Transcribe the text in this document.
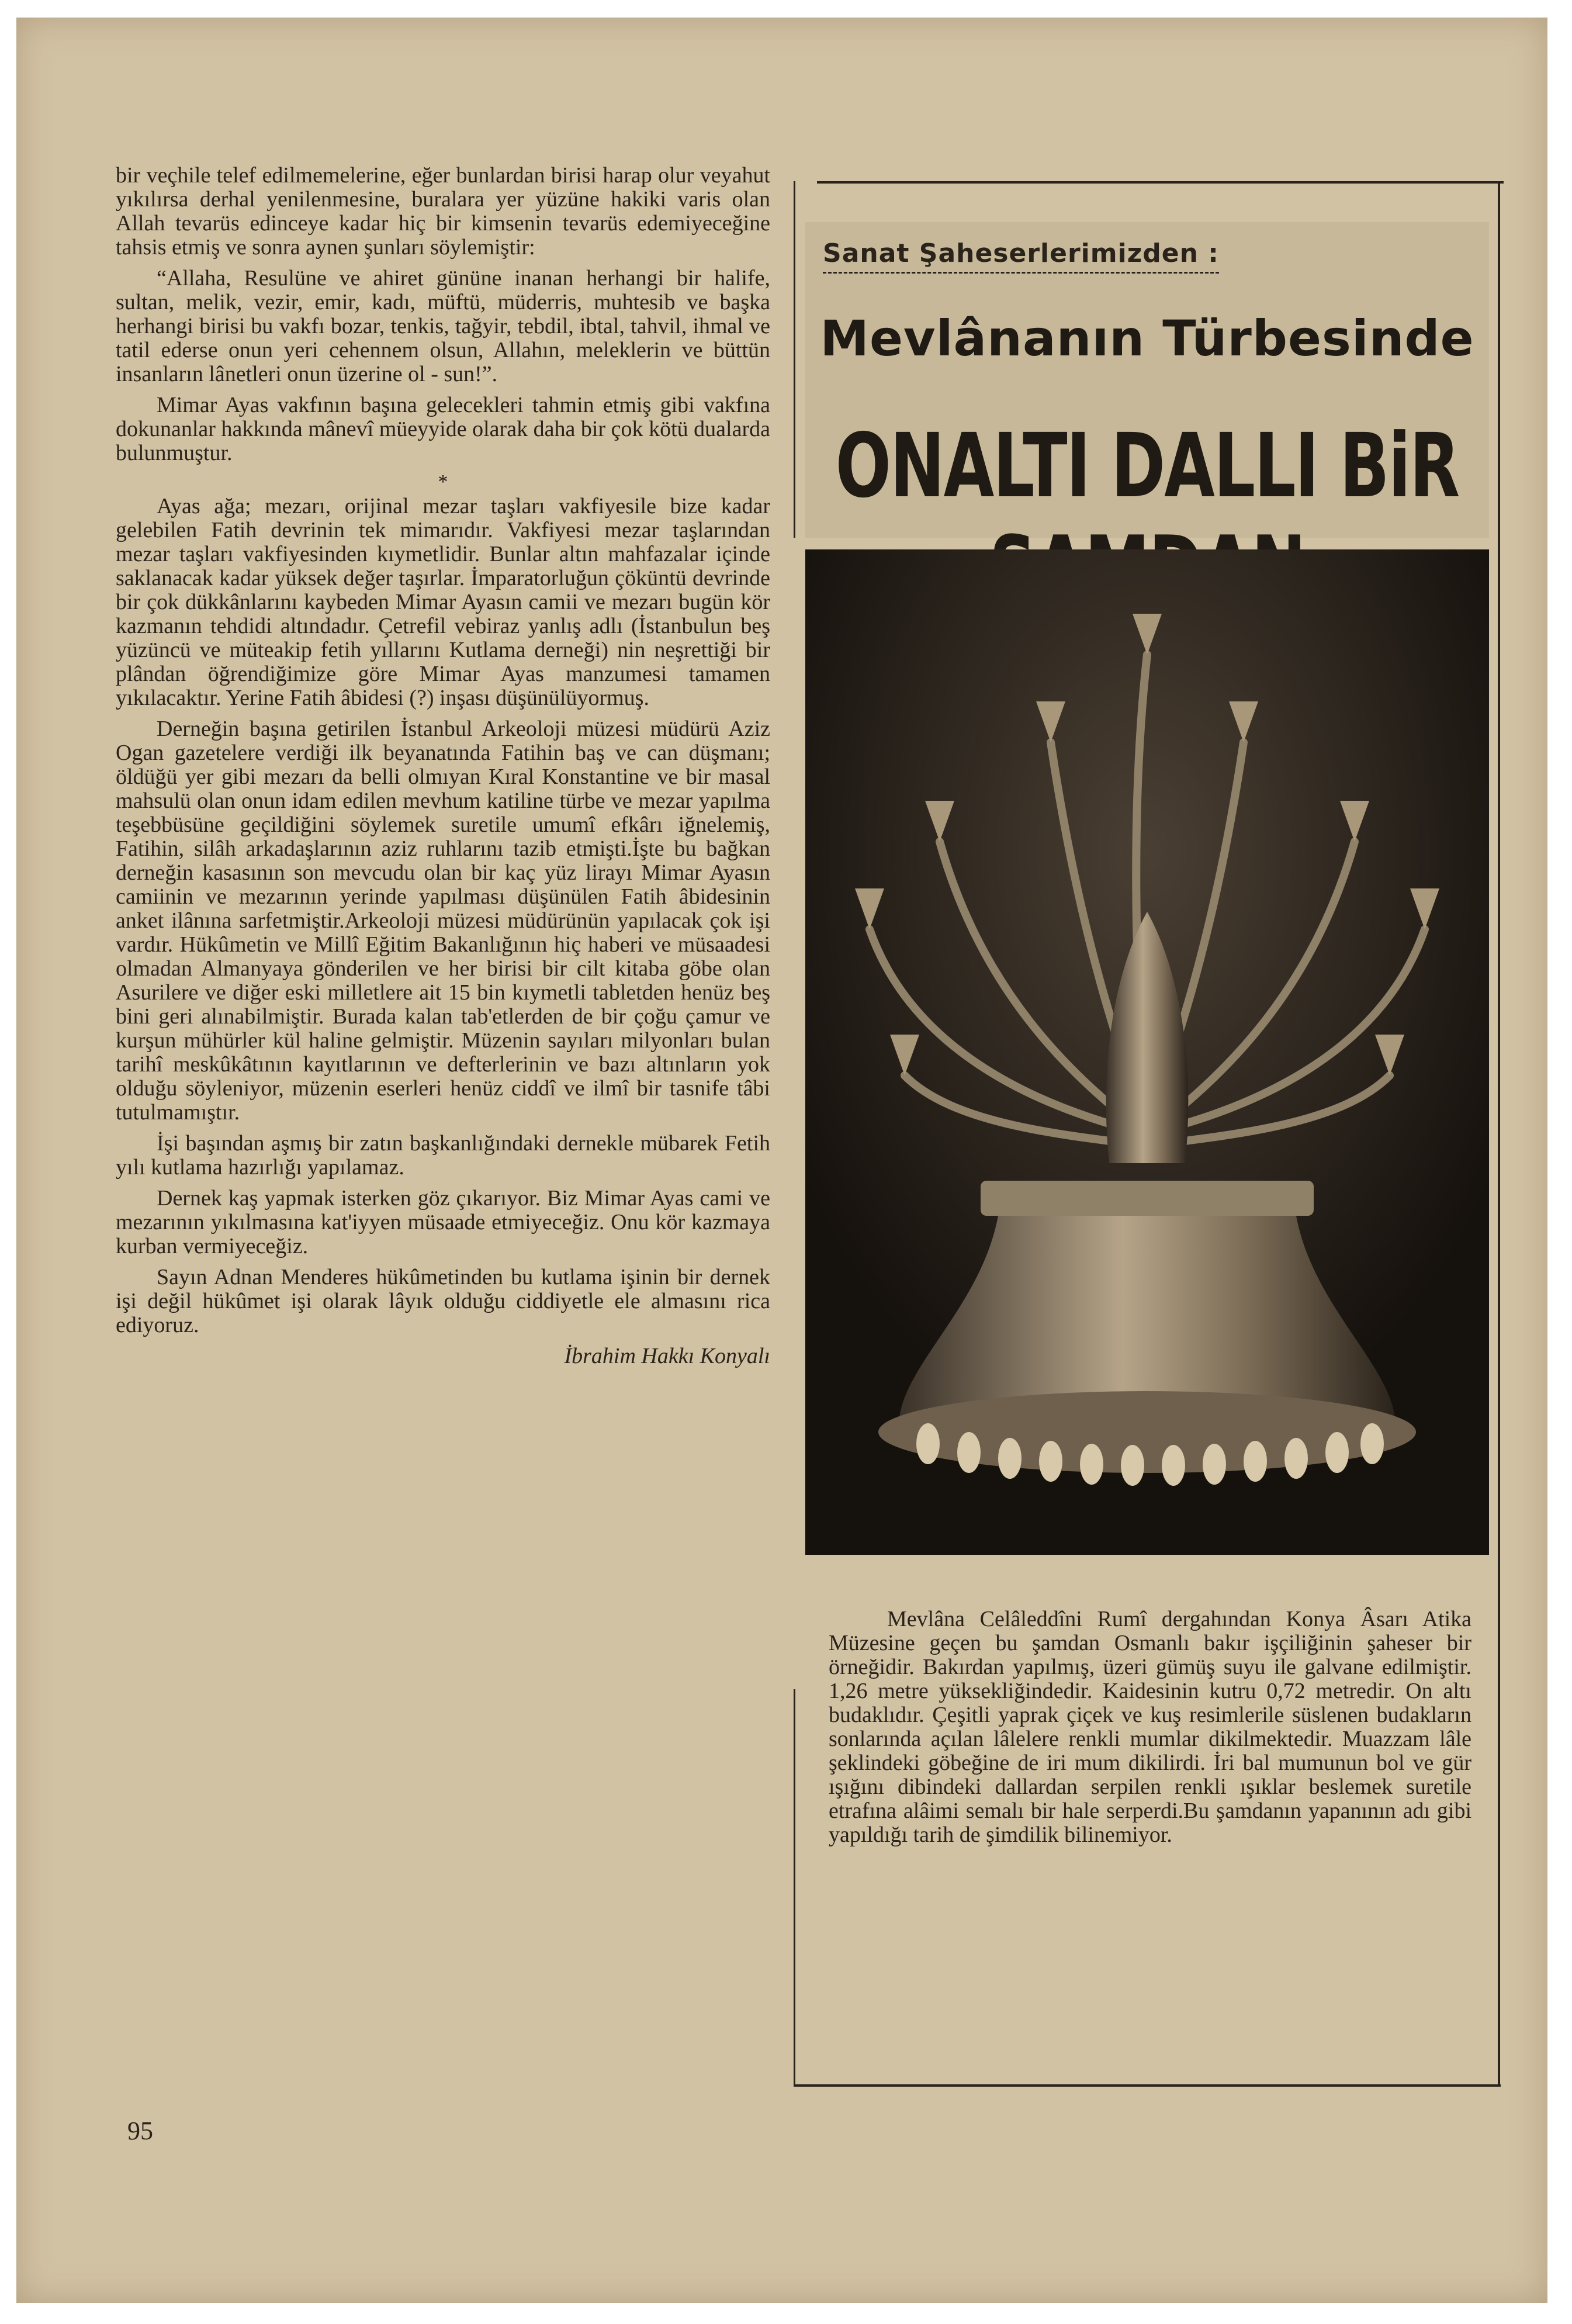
bir veçhile telef edilmemelerine, eğer bunlardan birisi harap olur veyahut yıkılırsa derhal yenilenmesine, buralara yer yüzüne hakiki varis olan Allah tevarüs edinceye kadar hiç bir kimsenin tevarüs edemiyeceğine tahsis etmiş ve sonra aynen şunları söylemiştir:

“Allaha, Resulüne ve ahiret gününe inanan herhangi bir halife, sultan, melik, vezir, emir, kadı, müftü, müderris, muhtesib ve başka herhangi birisi bu vakfı bozar, tenkis, tağyir, tebdil, ibtal, tahvil, ihmal ve tatil ederse onun yeri cehennem olsun, Allahın, meleklerin ve büttün insanların lânetleri onun üzerine ol - sun!”.

Mimar Ayas vakfının başına gelecekleri tahmin etmiş gibi vakfına dokunanlar hakkında mânevî müeyyide olarak daha bir çok kötü dualarda bulunmuştur.

*

Ayas ağa; mezarı, orijinal mezar taşları vakfiyesile bize kadar gelebilen Fatih devrinin tek mimarıdır. Vakfiyesi mezar taşlarından mezar taşları vakfiyesinden kıymetlidir. Bunlar altın mahfazalar içinde saklanacak kadar yüksek değer taşırlar. İmparatorluğun çöküntü devrinde bir çok dükkânlarını kaybeden Mimar Ayasın camii ve mezarı bugün kör kazmanın tehdidi altındadır. Çetrefil vebiraz yanlış adlı (İstanbulun beş yüzüncü ve müteakip fetih yıllarını Kutlama derneği) nin neşrettiği bir plândan öğrendiğimize göre Mimar Ayas manzumesi tamamen yıkılacaktır. Yerine Fatih âbidesi (?) inşası düşünülüyormuş.

Derneğin başına getirilen İstanbul Arkeoloji müzesi müdürü Aziz Ogan gazetelere verdiği ilk beyanatında Fatihin baş ve can düşmanı; öldüğü yer gibi mezarı da belli olmıyan Kıral Konstantine ve bir masal mahsulü olan onun idam edilen mevhum katiline türbe ve mezar yapılma teşebbüsüne geçildiğini söylemek suretile umumî efkârı iğnelemiş, Fatihin, silâh arkadaşlarının aziz ruhlarını tazib etmişti.İşte bu bağkan derneğin kasasının son mevcudu olan bir kaç yüz lirayı Mimar Ayasın camiinin ve mezarının yerinde yapılması düşünülen Fatih âbidesinin anket ilânına sarfetmiştir.Arkeoloji müzesi müdürünün yapılacak çok işi vardır. Hükûmetin ve Millî Eğitim Bakanlığının hiç haberi ve müsaadesi olmadan Almanyaya gönderilen ve her birisi bir cilt kitaba göbe olan Asurilere ve diğer eski milletlere ait 15 bin kıymetli tabletden henüz beş bini geri alınabilmiştir. Burada kalan tab'etlerden de bir çoğu çamur ve kurşun mühürler kül haline gelmiştir. Müzenin sayıları milyonları bulan tarihî meskûkâtının kayıtlarının ve defterlerinin ve bazı altınların yok olduğu söyleniyor, müzenin eserleri henüz ciddî ve ilmî bir tasnife tâbi tutulmamıştır.

İşi başından aşmış bir zatın başkanlığındaki dernekle mübarek Fetih yılı kutlama hazırlığı yapılamaz.

Dernek kaş yapmak isterken göz çıkarıyor. Biz Mimar Ayas cami ve mezarının yıkılmasına kat'iyyen müsaade etmiyeceğiz. Onu kör kazmaya kurban vermiyeceğiz.

Sayın Adnan Menderes hükûmetinden bu kutlama işinin bir dernek işi değil hükûmet işi olarak lâyık olduğu ciddiyetle ele almasını rica ediyoruz.

İbrahim Hakkı Konyalı
95
Sanat Şaheserlerimizden :
Mevlânanın Türbesinde
ONALTI DALLI BiR
Mevlâna Celâleddîni Rumî dergahından Konya Âsarı Atika Müzesine geçen bu şamdan Osmanlı bakır işçiliğinin şaheser bir örneğidir. Bakırdan yapılmış, üzeri gümüş suyu ile galvane edilmiştir. 1,26 metre yüksekliğindedir. Kaidesinin kutru 0,72 metredir. On altı budaklıdır. Çeşitli yaprak çiçek ve kuş resimlerile süslenen budakların sonlarında açılan lâlelere renkli mumlar dikilmektedir. Muazzam lâle şeklindeki göbeğine de iri mum dikilirdi. İri bal mumunun bol ve gür ışığını dibindeki dallardan serpilen renkli ışıklar beslemek suretile etrafına alâimi semalı bir hale serperdi.Bu şamdanın yapanının adı gibi yapıldığı tarih de şimdilik bilinemiyor.
